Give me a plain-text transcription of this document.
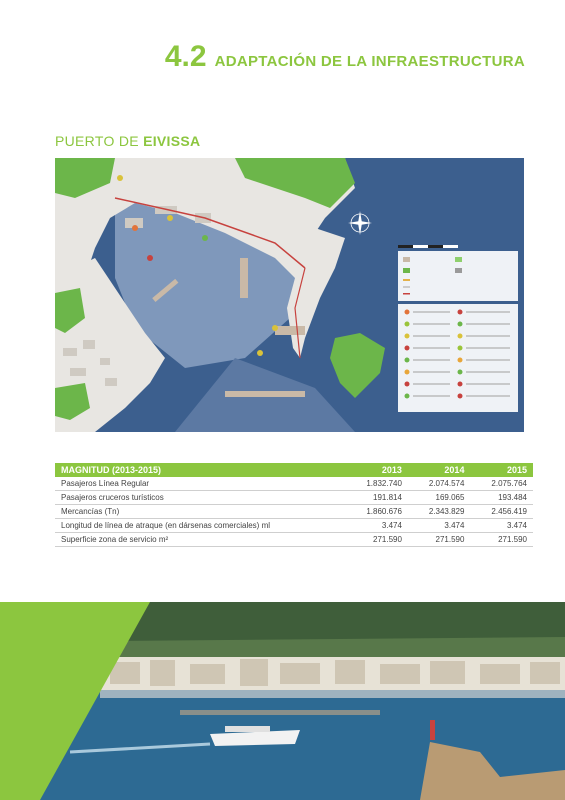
4.2 ADAPTACIÓN DE LA INFRAESTRUCTURA
PUERTO DE EIVISSA
MAGNITUD (2013-2015)	2013	2014	2015
Pasajeros Línea Regular	1.832.740	2.074.574	2.075.764
Pasajeros cruceros turísticos	191.814	169.065	193.484
Mercancías (Tn)	1.860.676	2.343.829	2.456.419
Longitud de línea de atraque (en dársenas comerciales) ml	3.474	3.474	3.474
Superficie zona de servicio m²	271.590	271.590	271.590
